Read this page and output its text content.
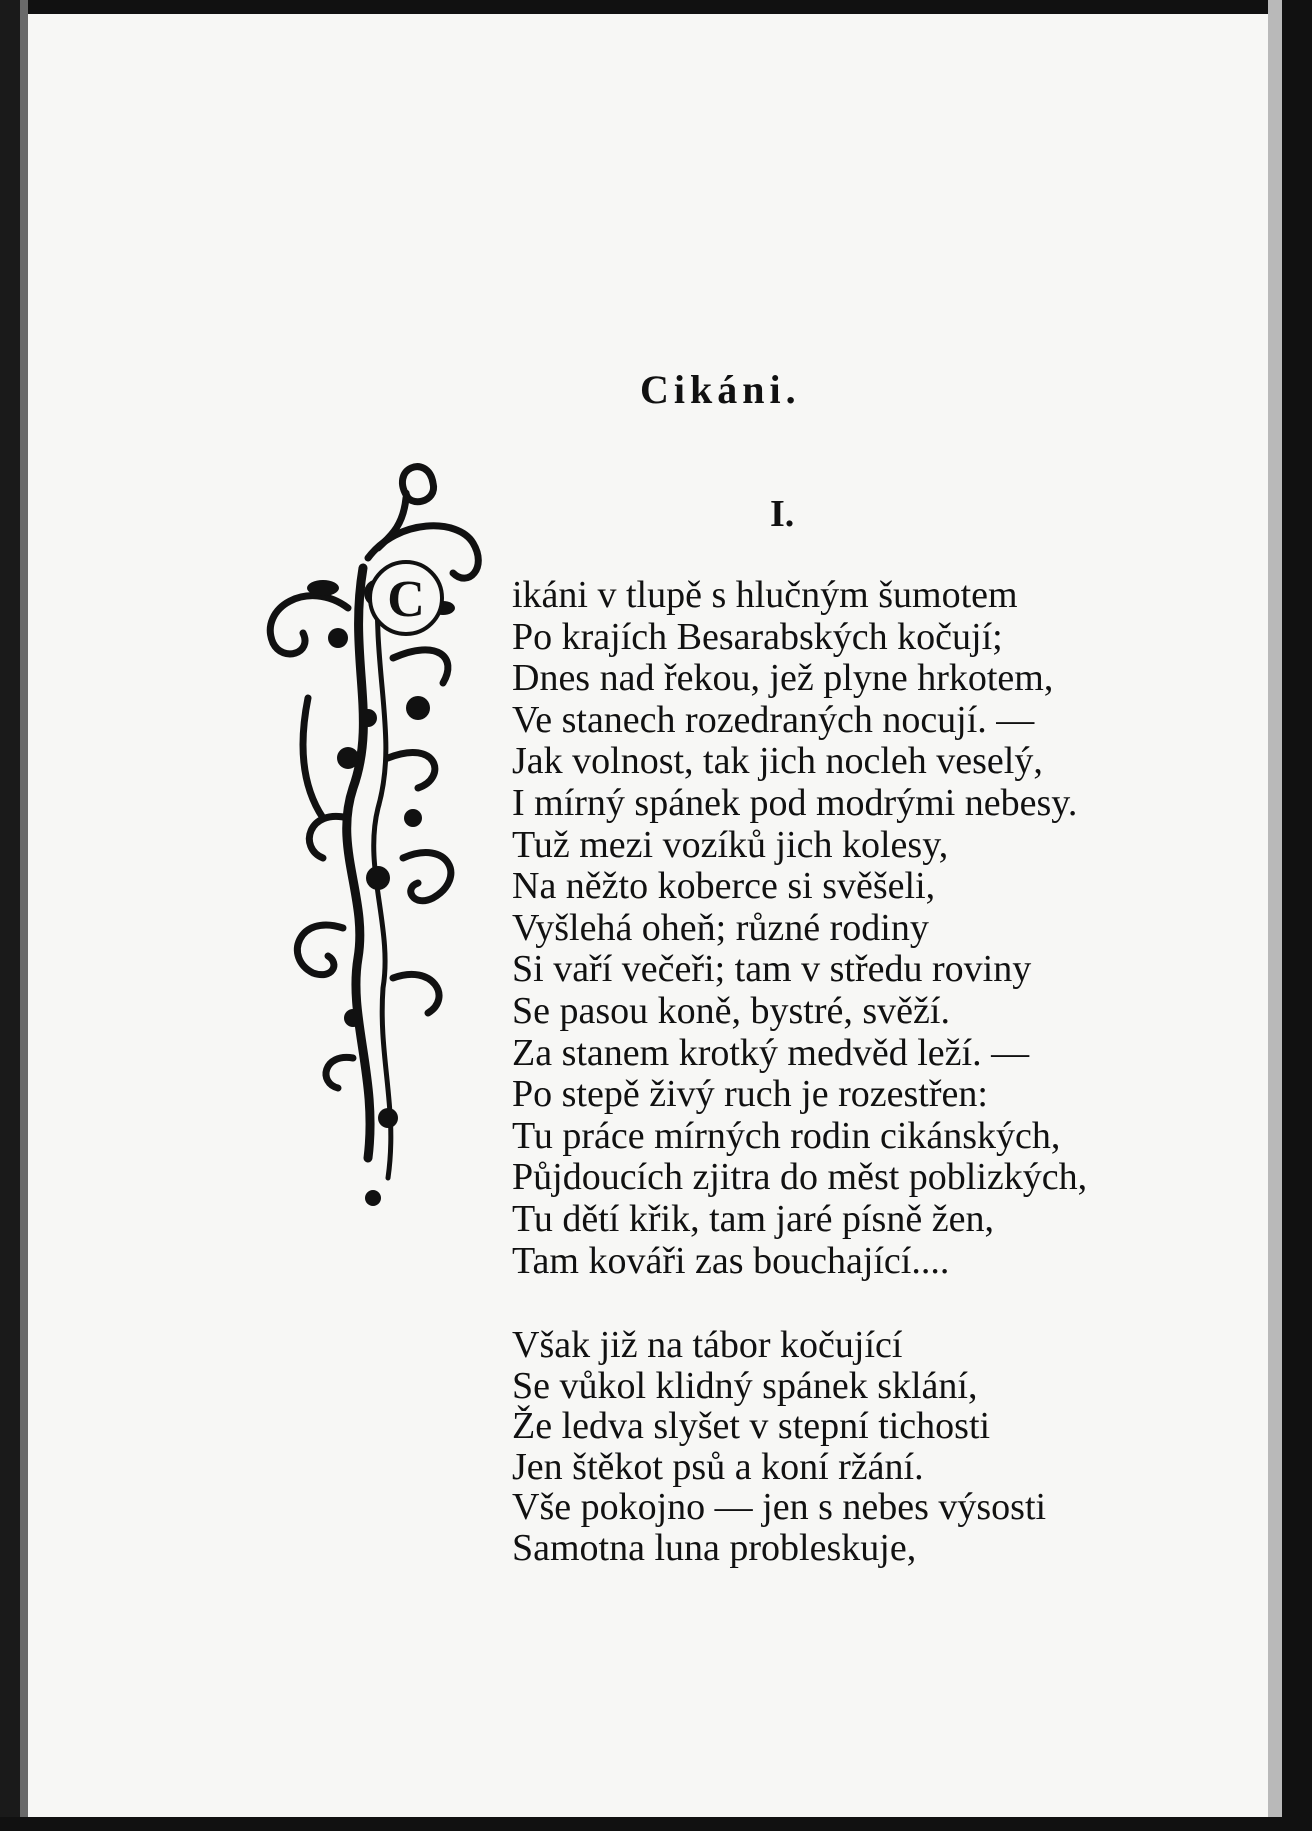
Cikáni.
I.
C ikáni v tlupě s hlučným šumotem
Po krajích Besarabských kočují;
Dnes nad řekou, jež plyne hrkotem,
Ve stanech rozedraných nocují. —
Jak volnost, tak jich nocleh veselý,
I mírný spánek pod modrými nebesy.
Tuž mezi vozíků jich kolesy,
Na něžto koberce si svěšeli,
Vyšlehá oheň; různé rodiny
Si vaří večeři; tam v středu roviny
Se pasou koně, bystré, svěží.
Za stanem krotký medvěd leží. —
Po stepě živý ruch je rozestřen:
Tu práce mírných rodin cikánských,
Půjdoucích zjitra do měst poblizkých,
Tu dětí křik, tam jaré písně žen,
Tam kováři zas bouchající....
Však již na tábor kočující
Se vůkol klidný spánek sklání,
Že ledva slyšet v stepní tichosti
Jen štěkot psů a koní ržání.
Vše pokojno — jen s nebes výsosti
Samotna luna probleskuje,
